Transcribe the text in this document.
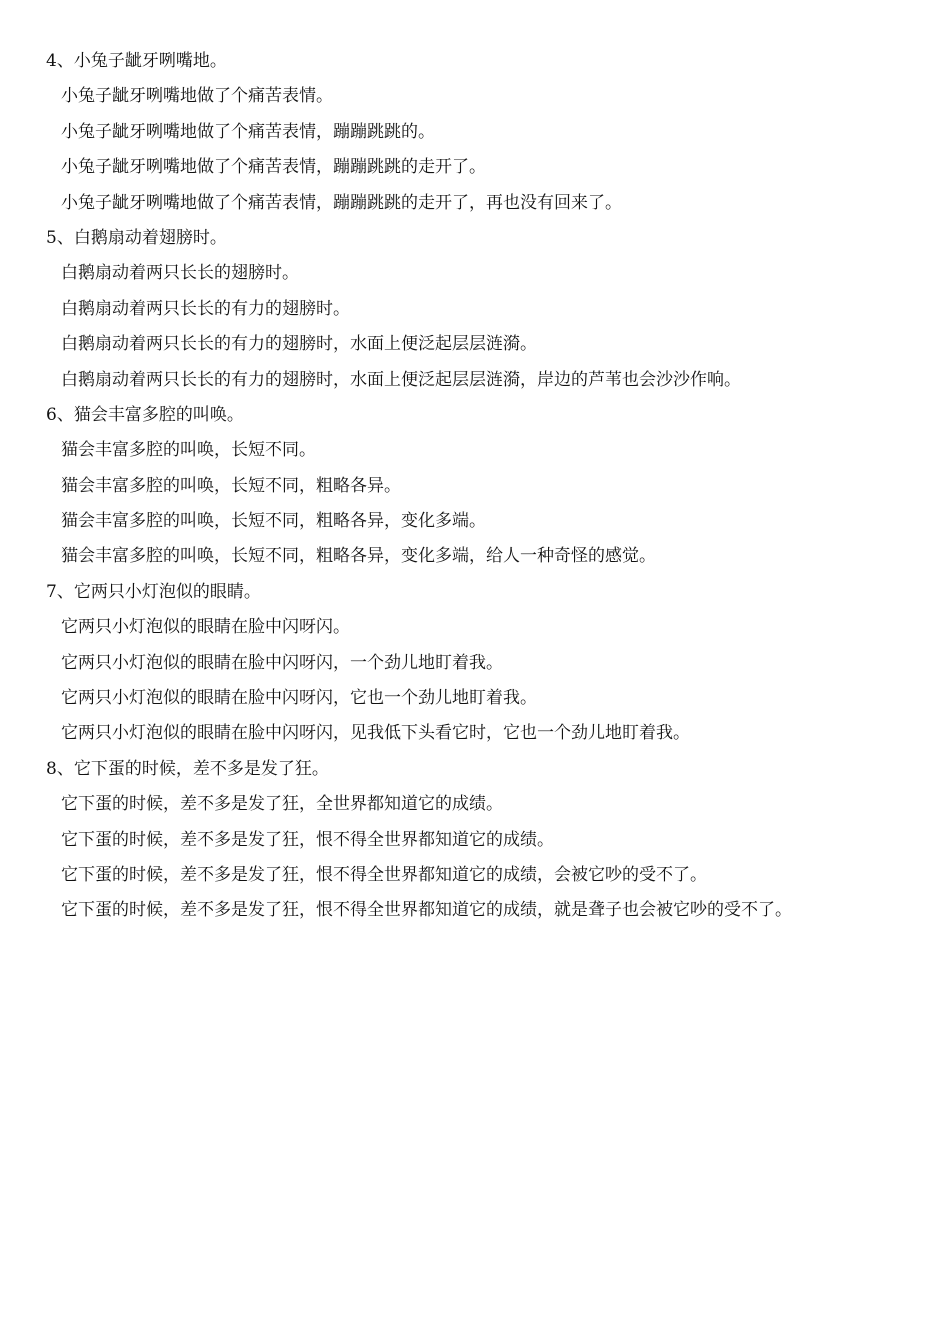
4、小兔子龇牙咧嘴地。
小兔子龇牙咧嘴地做了个痛苦表情。
小兔子龇牙咧嘴地做了个痛苦表情，蹦蹦跳跳的。
小兔子龇牙咧嘴地做了个痛苦表情，蹦蹦跳跳的走开了。
小兔子龇牙咧嘴地做了个痛苦表情，蹦蹦跳跳的走开了，再也没有回来了。
5、白鹅扇动着翅膀时。
白鹅扇动着两只长长的翅膀时。
白鹅扇动着两只长长的有力的翅膀时。
白鹅扇动着两只长长的有力的翅膀时，水面上便泛起层层涟漪。
白鹅扇动着两只长长的有力的翅膀时，水面上便泛起层层涟漪，岸边的芦苇也会沙沙作响。
6、猫会丰富多腔的叫唤。
猫会丰富多腔的叫唤，长短不同。
猫会丰富多腔的叫唤，长短不同，粗略各异。
猫会丰富多腔的叫唤，长短不同，粗略各异，变化多端。
猫会丰富多腔的叫唤，长短不同，粗略各异，变化多端，给人一种奇怪的感觉。
7、它两只小灯泡似的眼睛。
它两只小灯泡似的眼睛在脸中闪呀闪。
它两只小灯泡似的眼睛在脸中闪呀闪，一个劲儿地盯着我。
它两只小灯泡似的眼睛在脸中闪呀闪，它也一个劲儿地盯着我。
它两只小灯泡似的眼睛在脸中闪呀闪，见我低下头看它时，它也一个劲儿地盯着我。
8、它下蛋的时候，差不多是发了狂。
它下蛋的时候，差不多是发了狂，全世界都知道它的成绩。
它下蛋的时候，差不多是发了狂，恨不得全世界都知道它的成绩。
它下蛋的时候，差不多是发了狂，恨不得全世界都知道它的成绩，会被它吵的受不了。
它下蛋的时候，差不多是发了狂，恨不得全世界都知道它的成绩，就是聋子也会被它吵的受不了。
